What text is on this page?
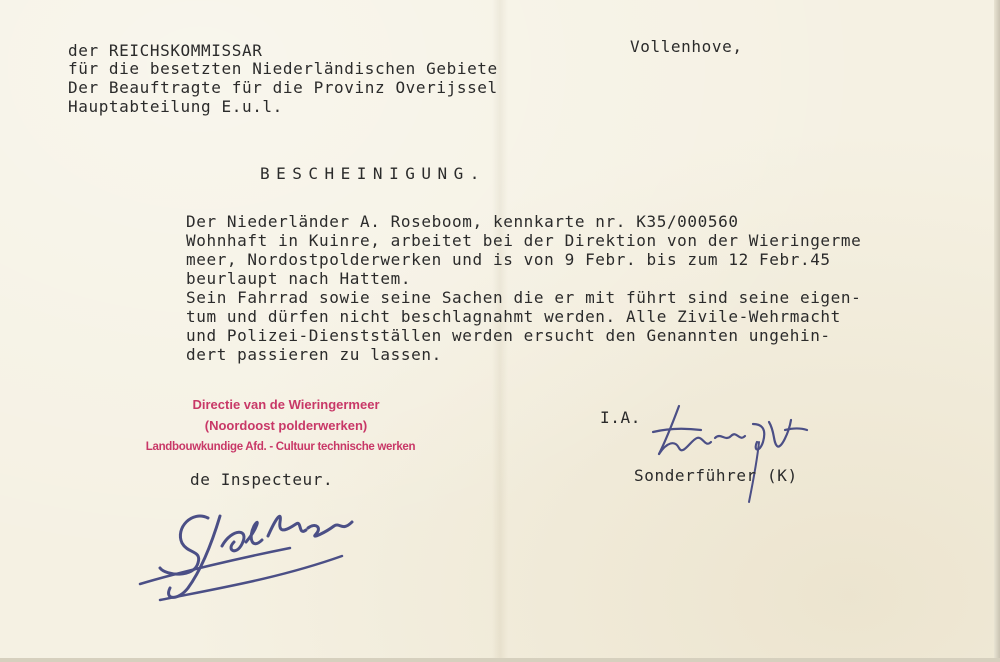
der REICHSKOMMISSAR
für die besetzten Niederländischen Gebiete
Der Beauftragte für die Provinz Overijssel
Hauptabteilung E.u.l.
Vollenhove,
BESCHEINIGUNG.
Der Niederländer A. Roseboom, kennkarte nr. K35/000560
Wohnhaft in Kuinre, arbeitet bei der Direktion von der Wieringerme
meer, Nordostpolderwerken und is von 9 Febr. bis zum 12 Febr.45
beurlaupt nach Hattem.
Sein Fahrrad sowie seine Sachen die er mit führt sind seine eigen-
tum und dürfen nicht beschlagnahmt werden. Alle Zivile-Wehrmacht
und Polizei-Dienstställen werden ersucht den Genannten ungehin-
dert passieren zu lassen.
Directie van de Wieringermeer
(Noordoost polderwerken)
Landbouwkundige Afd. - Cultuur technische werken
de Inspecteur.
I.A.
Sonderführer (K)
